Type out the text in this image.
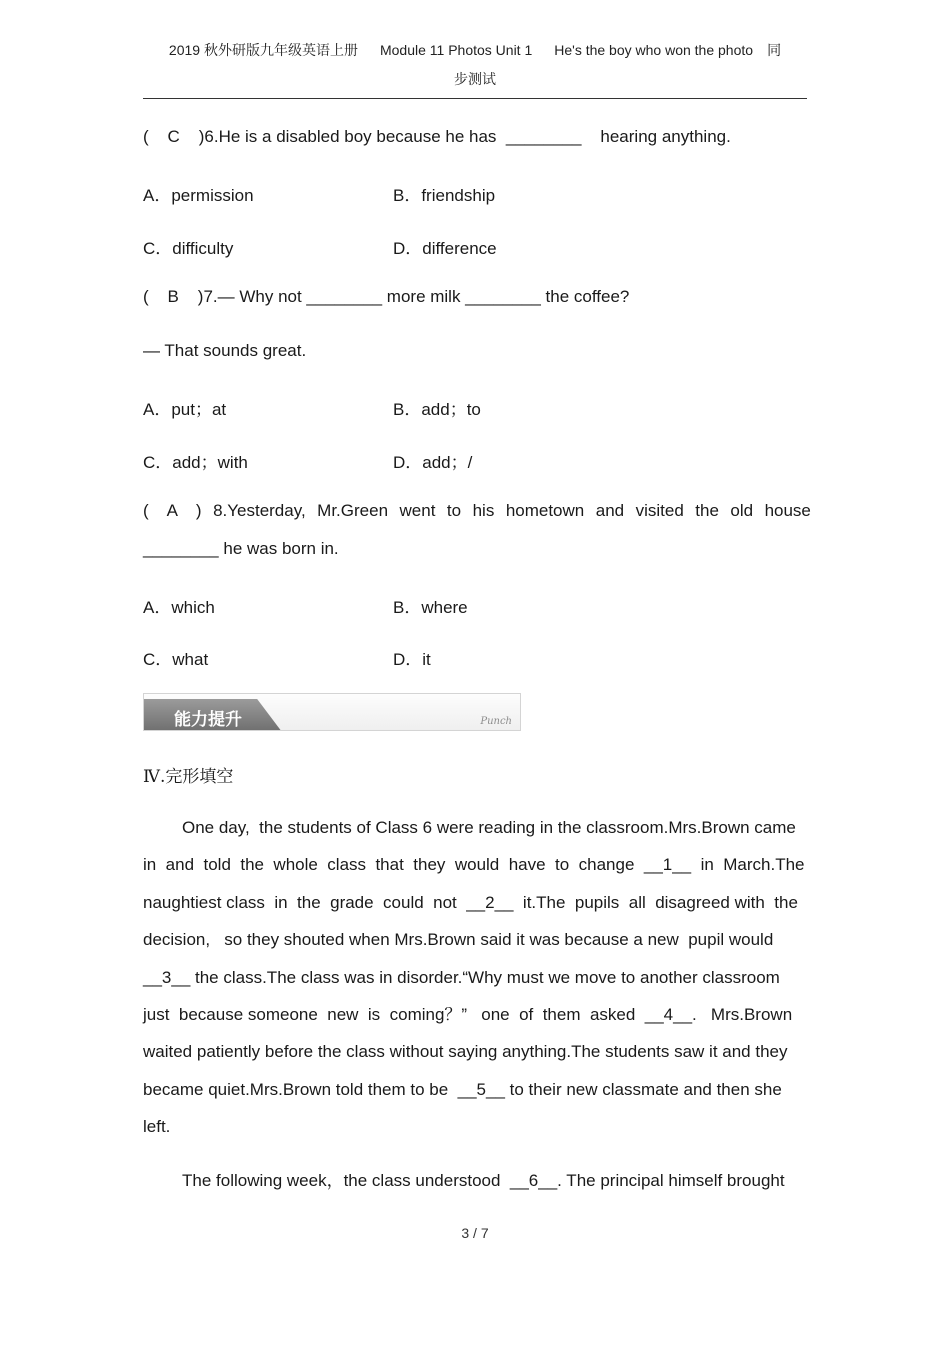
2019 秋外研版九年级英语上册 Module 11 Photos Unit 1 He's the boy who won the photo 同
步测试
(    C    )6.He is a disabled boy because he has  ________    hearing anything.
A．permission	B．friendship
C．difficulty	D．difference
(    B    )7.— Why not ________ more milk ________ the coffee?
— That sounds great.
A．put；at	B．add；to
C．add；with	D．add；/
(    A    ) 8.Yesterday, Mr.Green went to his hometown and visited the old house
________ he was born in.
A．which	B．where
C．what	D．it
能力提升	Punch
Ⅳ.完形填空
One day,  the students of Class 6 were reading in the classroom.Mrs.Brown came
in  and  told  the  whole  class  that  they  would  have  to  change  __1__  in  March.The
naughtiest class  in  the  grade  could  not  __2__  it.The  pupils  all  disagreed with  the
decision,   so they shouted when Mrs.Brown said it was because a new  pupil would
__3__ the class.The class was in disorder.“Why must we move to another classroom
just  because someone  new  is  coming？”   one  of  them  asked  __4__.   Mrs.Brown
waited patiently before the class without saying anything.The students saw it and they
became quiet.Mrs.Brown told them to be  __5__ to their new classmate and then she
left.
The following week，the class understood  __6__. The principal himself brought
3 / 7
